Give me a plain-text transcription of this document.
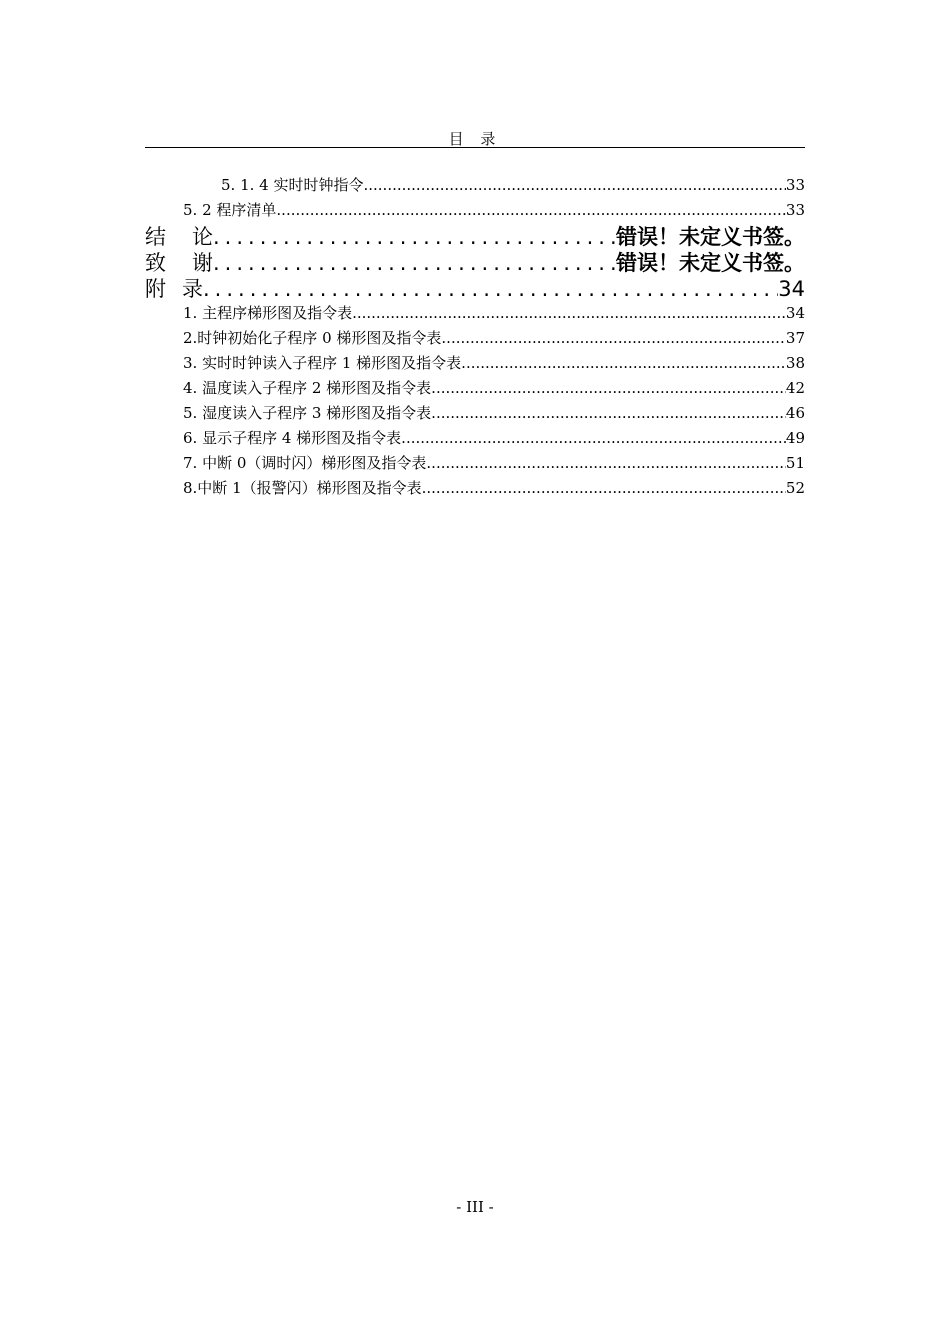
目 录
5. 1. 4 实时时钟指令 .....	33
5. 2 程序清单 .....	33
结 论 .....	错误！未定义书签。
致 谢 .....	错误！未定义书签。
附 录 .....	34
1. 主程序梯形图及指令表 .....	34
2.时钟初始化子程序 0 梯形图及指令表 .....	37
3. 实时时钟读入子程序 1 梯形图及指令表 .....	38
4. 温度读入子程序 2 梯形图及指令表 .....	42
5. 湿度读入子程序 3 梯形图及指令表 .....	46
6. 显示子程序 4 梯形图及指令表 .....	49
7. 中断 0（调时闪）梯形图及指令表 .....	51
8.中断 1（报警闪）梯形图及指令表 .....	52
- III -
